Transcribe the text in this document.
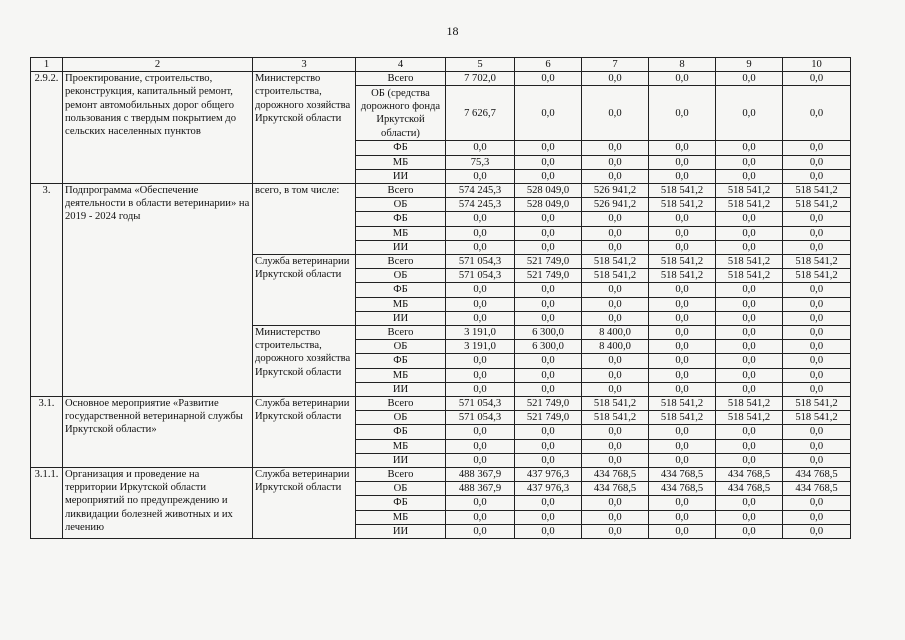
18
1	2	3	4	5	6	7	8	9	10
2.9.2.	Проектирование, строительство, реконструкция, капитальный ремонт, ремонт автомобильных дорог общего пользования с твердым покрытием до сельских населенных пунктов	Министерство строительства, дорожного хозяйства Иркутской области	Всего	7 702,0	0,0	0,0	0,0	0,0	0,0
			ОБ (средства дорожного фонда Иркутской области)	7 626,7	0,0	0,0	0,0	0,0	0,0
			ФБ	0,0	0,0	0,0	0,0	0,0	0,0
			МБ	75,3	0,0	0,0	0,0	0,0	0,0
			ИИ	0,0	0,0	0,0	0,0	0,0	0,0
3.	Подпрограмма «Обеспечение деятельности в области ветеринарии» на 2019 - 2024 годы	всего, в том числе:	Всего	574 245,3	528 049,0	526 941,2	518 541,2	518 541,2	518 541,2
			ОБ	574 245,3	528 049,0	526 941,2	518 541,2	518 541,2	518 541,2
			ФБ	0,0	0,0	0,0	0,0	0,0	0,0
			МБ	0,0	0,0	0,0	0,0	0,0	0,0
			ИИ	0,0	0,0	0,0	0,0	0,0	0,0
		Служба ветеринарии Иркутской области	Всего	571 054,3	521 749,0	518 541,2	518 541,2	518 541,2	518 541,2
			ОБ	571 054,3	521 749,0	518 541,2	518 541,2	518 541,2	518 541,2
			ФБ	0,0	0,0	0,0	0,0	0,0	0,0
			МБ	0,0	0,0	0,0	0,0	0,0	0,0
			ИИ	0,0	0,0	0,0	0,0	0,0	0,0
		Министерство строительства, дорожного хозяйства Иркутской области	Всего	3 191,0	6 300,0	8 400,0	0,0	0,0	0,0
			ОБ	3 191,0	6 300,0	8 400,0	0,0	0,0	0,0
			ФБ	0,0	0,0	0,0	0,0	0,0	0,0
			МБ	0,0	0,0	0,0	0,0	0,0	0,0
			ИИ	0,0	0,0	0,0	0,0	0,0	0,0
3.1.	Основное мероприятие «Развитие государственной ветеринарной службы Иркутской области»	Служба ветеринарии Иркутской области	Всего	571 054,3	521 749,0	518 541,2	518 541,2	518 541,2	518 541,2
			ОБ	571 054,3	521 749,0	518 541,2	518 541,2	518 541,2	518 541,2
			ФБ	0,0	0,0	0,0	0,0	0,0	0,0
			МБ	0,0	0,0	0,0	0,0	0,0	0,0
			ИИ	0,0	0,0	0,0	0,0	0,0	0,0
3.1.1.	Организация и проведение на территории Иркутской области мероприятий по предупреждению и ликвидации болезней животных и их лечению	Служба ветеринарии Иркутской области	Всего	488 367,9	437 976,3	434 768,5	434 768,5	434 768,5	434 768,5
			ОБ	488 367,9	437 976,3	434 768,5	434 768,5	434 768,5	434 768,5
			ФБ	0,0	0,0	0,0	0,0	0,0	0,0
			МБ	0,0	0,0	0,0	0,0	0,0	0,0
			ИИ	0,0	0,0	0,0	0,0	0,0	0,0
